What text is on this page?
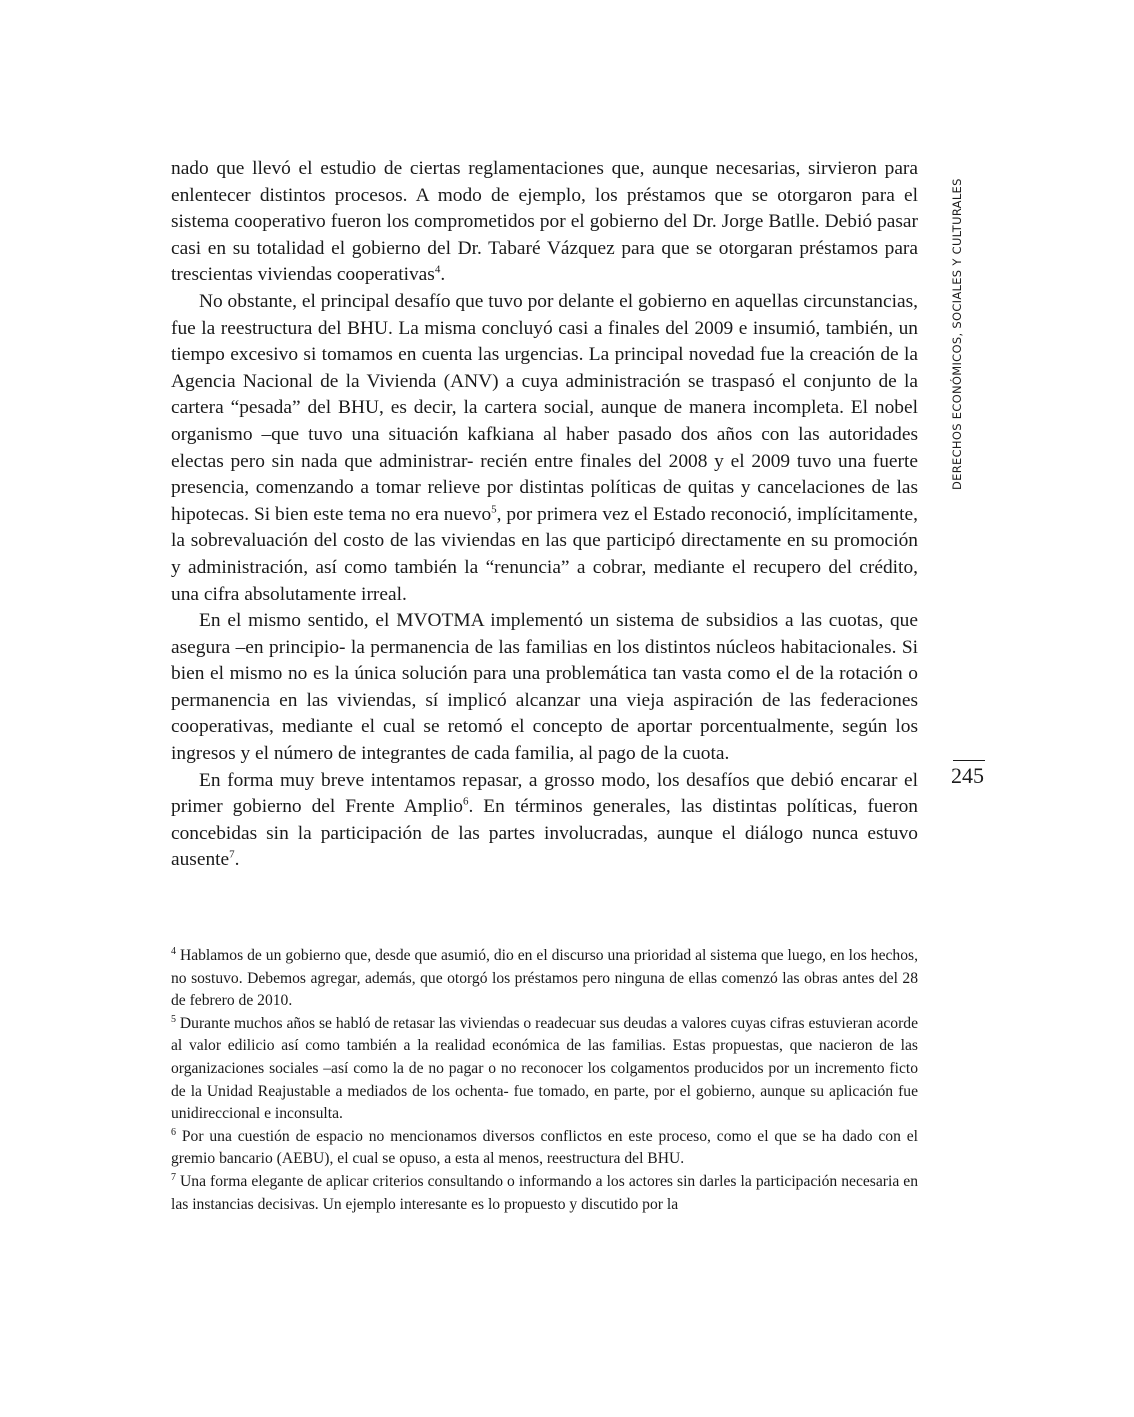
DERECHOS ECONÓMICOS, SOCIALES Y CULTURALES
245

nado que llevó el estudio de ciertas reglamentaciones que, aunque necesarias, sirvieron para enlentecer distintos procesos. A modo de ejemplo, los préstamos que se otorgaron para el sistema cooperativo fueron los comprometidos por el gobierno del Dr. Jorge Batlle. Debió pasar casi en su totalidad el gobierno del Dr. Tabaré Vázquez para que se otorgaran préstamos para trescientas viviendas cooperativas$^4$.

No obstante, el principal desafío que tuvo por delante el gobierno en aquellas circunstancias, fue la reestructura del BHU. La misma concluyó casi a finales del 2009 e insumió, también, un tiempo excesivo si tomamos en cuenta las urgencias. La principal novedad fue la creación de la Agencia Nacional de la Vivienda (ANV) a cuya administración se traspasó el conjunto de la cartera “pesada” del BHU, es decir, la cartera social, aunque de manera incompleta. El nobel organismo –que tuvo una situación kafkiana al haber pasado dos años con las autoridades electas pero sin nada que administrar- recién entre finales del 2008 y el 2009 tuvo una fuerte presencia, comenzando a tomar relieve por distintas políticas de quitas y cancelaciones de las hipotecas. Si bien este tema no era nuevo$^5$, por primera vez el Estado reconoció, implícitamente, la sobrevaluación del costo de las viviendas en las que participó directamente en su promoción y administración, así como también la “renuncia” a cobrar, mediante el recupero del crédito, una cifra absolutamente irreal.

En el mismo sentido, el MVOTMA implementó un sistema de subsidios a las cuotas, que asegura –en principio- la permanencia de las familias en los distintos núcleos habitacionales. Si bien el mismo no es la única solución para una problemática tan vasta como el de la rotación o permanencia en las viviendas, sí implicó alcanzar una vieja aspiración de las federaciones cooperativas, mediante el cual se retomó el concepto de aportar porcentualmente, según los ingresos y el número de integrantes de cada familia, al pago de la cuota.

En forma muy breve intentamos repasar, a grosso modo, los desafíos que debió encarar el primer gobierno del Frente Amplio$^6$. En términos generales, las distintas políticas, fueron concebidas sin la participación de las partes involucradas, aunque el diálogo nunca estuvo ausente$^7$.

$^4$ Hablamos de un gobierno que, desde que asumió, dio en el discurso una prioridad al sistema que luego, en los hechos, no sostuvo. Debemos agregar, además, que otorgó los préstamos pero ninguna de ellas comenzó las obras antes del 28 de febrero de 2010.

$^5$ Durante muchos años se habló de retasar las viviendas o readecuar sus deudas a valores cuyas cifras estuvieran acorde al valor edilicio así como también a la realidad económica de las familias. Estas propuestas, que nacieron de las organizaciones sociales –así como la de no pagar o no reconocer los colgamentos producidos por un incremento ficto de la Unidad Reajustable a mediados de los ochenta- fue tomado, en parte, por el gobierno, aunque su aplicación fue unidireccional e inconsulta.

$^6$ Por una cuestión de espacio no mencionamos diversos conflictos en este proceso, como el que se ha dado con el gremio bancario (AEBU), el cual se opuso, a esta al menos, reestructura del BHU.

$^7$ Una forma elegante de aplicar criterios consultando o informando a los actores sin darles la participación necesaria en las instancias decisivas. Un ejemplo interesante es lo propuesto y discutido por la
